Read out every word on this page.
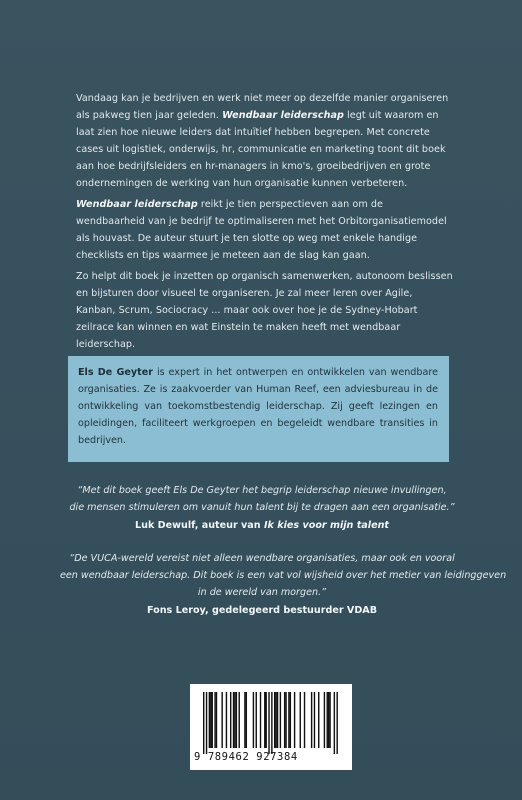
Vandaag kan je bedrijven en werk niet meer op dezelfde manier organiseren als pakweg tien jaar geleden. Wendbaar leiderschap legt uit waarom en laat zien hoe nieuwe leiders dat intuïtief hebben begrepen. Met concrete cases uit logistiek, onderwijs, hr, communicatie en marketing toont dit boek aan hoe bedrijfsleiders en hr-managers in kmo's, groeibedrijven en grote ondernemingen de werking van hun organisatie kunnen verbeteren.
Wendbaar leiderschap reikt je tien perspectieven aan om de wendbaarheid van je bedrijf te optimaliseren met het Orbitorganisatiemodel als houvast. De auteur stuurt je ten slotte op weg met enkele handige checklists en tips waarmee je meteen aan de slag kan gaan.
Zo helpt dit boek je inzetten op organisch samenwerken, autonoom beslissen en bijsturen door visueel te organiseren. Je zal meer leren over Agile, Kanban, Scrum, Sociocracy ... maar ook over hoe je de Sydney-Hobart zeilrace kan winnen en wat Einstein te maken heeft met wendbaar leiderschap.

Els De Geyter is expert in het ontwerpen en ontwikkelen van wendbare organisaties. Ze is zaakvoerder van Human Reef, een adviesbureau in de ontwikkeling van toekomstbestendig leiderschap. Zij geeft lezingen en opleidingen, faciliteert werkgroepen en begeleidt wendbare transities in bedrijven.

“Met dit boek geeft Els De Geyter het begrip leiderschap nieuwe invullingen,
die mensen stimuleren om vanuit hun talent bij te dragen aan een organisatie.”
Luk Dewulf, auteur van Ik kies voor mijn talent
“De VUCA-wereld vereist niet alleen wendbare organisaties, maar ook en vooral
een wendbaar leiderschap. Dit boek is een vat vol wijsheid over het metier van leidinggeven
in de wereld van morgen.”
Fons Leroy, gedelegeerd bestuurder VDAB
9 789462 927384
